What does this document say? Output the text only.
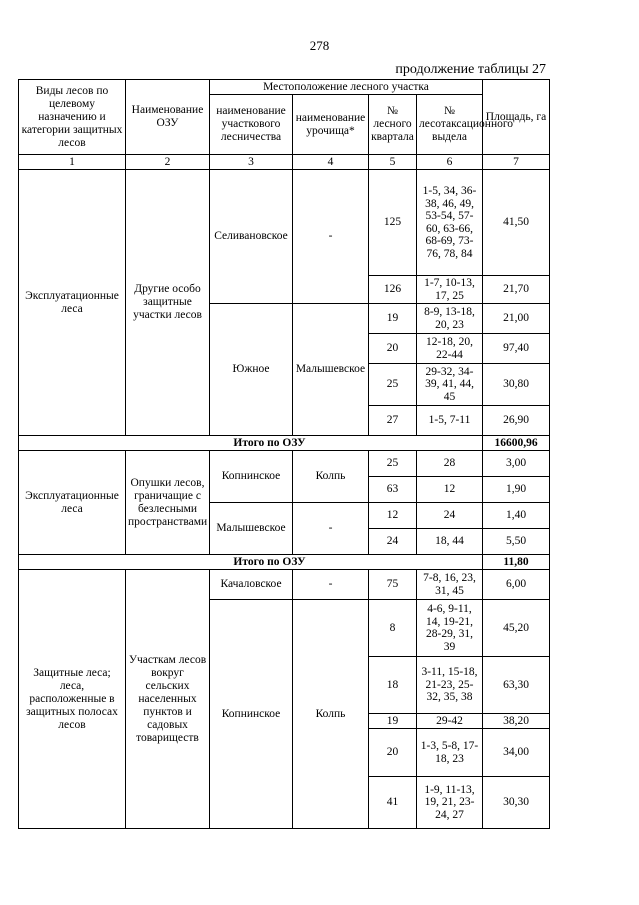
278
продолжение таблицы 27
Виды лесов по целевому назначению и категории защитных лесов	Наименование ОЗУ	Местоположение лесного участка				Площадь, га
		наименование участкового лесничества	наименование урочища*	№ лесного квартала	№ лесотаксационного выдела	
1	2	3	4	5	6	7
Эксплуатационные леса	Другие особо защитные участки лесов	Селивановское	-	125	1-5, 34, 36-38, 46, 49, 53-54, 57-60, 63-66, 68-69, 73-76, 78, 84	41,50
				126	1-7, 10-13, 17, 25	21,70
		Южное	Малышевское	19	8-9, 13-18, 20, 23	21,00
				20	12-18, 20, 22-44	97,40
				25	29-32, 34-39, 41, 44, 45	30,80
				27	1-5, 7-11	26,90
Итого по ОЗУ						16600,96
Эксплуатационные леса	Опушки лесов, граничащие с безлесными пространствами	Копнинское	Колпь	25	28	3,00
				63	12	1,90
		Малышевское	-	12	24	1,40
				24	18, 44	5,50
Итого по ОЗУ						11,80
Защитные леса; леса, расположенные в защитных полосах лесов	Участкам лесов вокруг сельских населенных пунктов и садовых товариществ	Качаловское	-	75	7-8, 16, 23, 31, 45	6,00
		Копнинское	Колпь	8	4-6, 9-11, 14, 19-21, 28-29, 31, 39	45,20
				18	3-11, 15-18, 21-23, 25-32, 35, 38	63,30
				19	29-42	38,20
				20	1-3, 5-8, 17-18, 23	34,00
				41	1-9, 11-13, 19, 21, 23-24, 27	30,30
